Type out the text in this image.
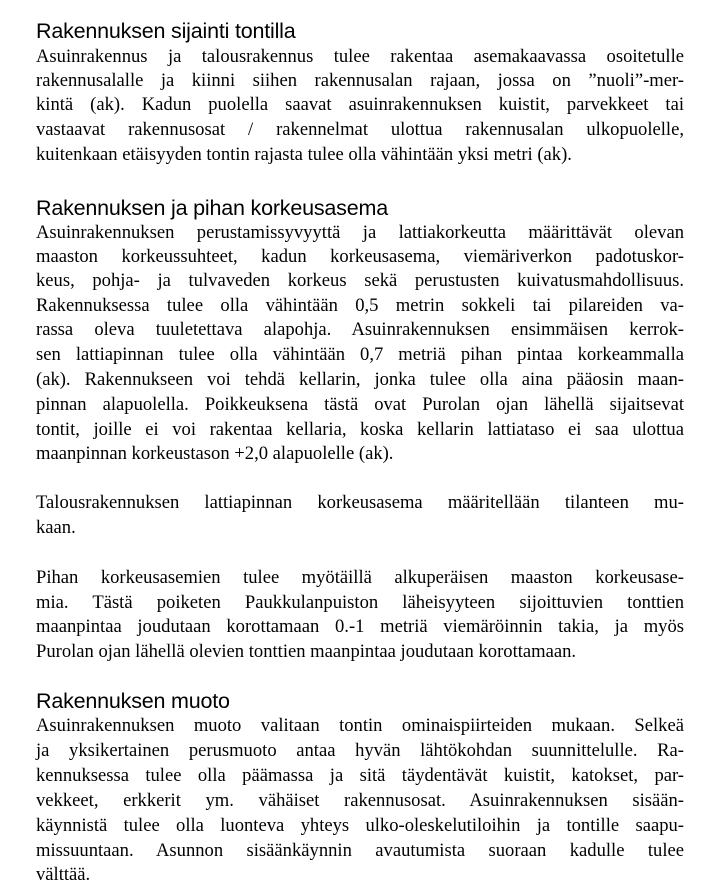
Rakennuksen sijainti tontilla
Asuinrakennus ja talousrakennus tulee rakentaa asemakaavassa osoitetulle
rakennusalalle ja kiinni siihen rakennusalan rajaan, jossa on ”nuoli”-mer-
kintä (ak). Kadun puolella saavat asuinrakennuksen kuistit, parvekkeet tai
vastaavat rakennusosat / rakennelmat ulottua rakennusalan ulkopuolelle,
kuitenkaan etäisyyden tontin rajasta tulee olla vähintään yksi metri (ak).
Rakennuksen ja pihan korkeusasema
Asuinrakennuksen perustamissyvyyttä ja lattiakorkeutta määrittävät olevan
maaston korkeussuhteet, kadun korkeusasema, viemäriverkon padotuskor-
keus, pohja- ja tulvaveden korkeus sekä perustusten kuivatusmahdollisuus.
Rakennuksessa tulee olla vähintään 0,5 metrin sokkeli tai pilareiden va-
rassa oleva tuuletettava alapohja. Asuinrakennuksen ensimmäisen kerrok-
sen lattiapinnan tulee olla vähintään 0,7 metriä pihan pintaa korkeammalla
(ak). Rakennukseen voi tehdä kellarin, jonka tulee olla aina pääosin maan-
pinnan alapuolella. Poikkeuksena tästä ovat Purolan ojan lähellä sijaitsevat
tontit, joille ei voi rakentaa kellaria, koska kellarin lattiataso ei saa ulottua
maanpinnan korkeustason +2,0 alapuolelle (ak).
Talousrakennuksen lattiapinnan korkeusasema määritellään tilanteen mu-
kaan.
Pihan korkeusasemien tulee myötäillä alkuperäisen maaston korkeusase-
mia. Tästä poiketen Paukkulanpuiston läheisyyteen sijoittuvien tonttien
maanpintaa joudutaan korottamaan 0.-1 metriä viemäröinnin takia, ja myös
Purolan ojan lähellä olevien tonttien maanpintaa joudutaan korottamaan.
Rakennuksen muoto
Asuinrakennuksen muoto valitaan tontin ominaispiirteiden mukaan. Selkeä
ja yksikertainen perusmuoto antaa hyvän lähtökohdan suunnittelulle. Ra-
kennuksessa tulee olla päämassa ja sitä täydentävät kuistit, katokset, par-
vekkeet, erkkerit ym. vähäiset rakennusosat. Asuinrakennuksen sisään-
käynnistä tulee olla luonteva yhteys ulko-oleskelutiloihin ja tontille saapu-
missuuntaan. Asunnon sisäänkäynnin avautumista suoraan kadulle tulee
välttää.
